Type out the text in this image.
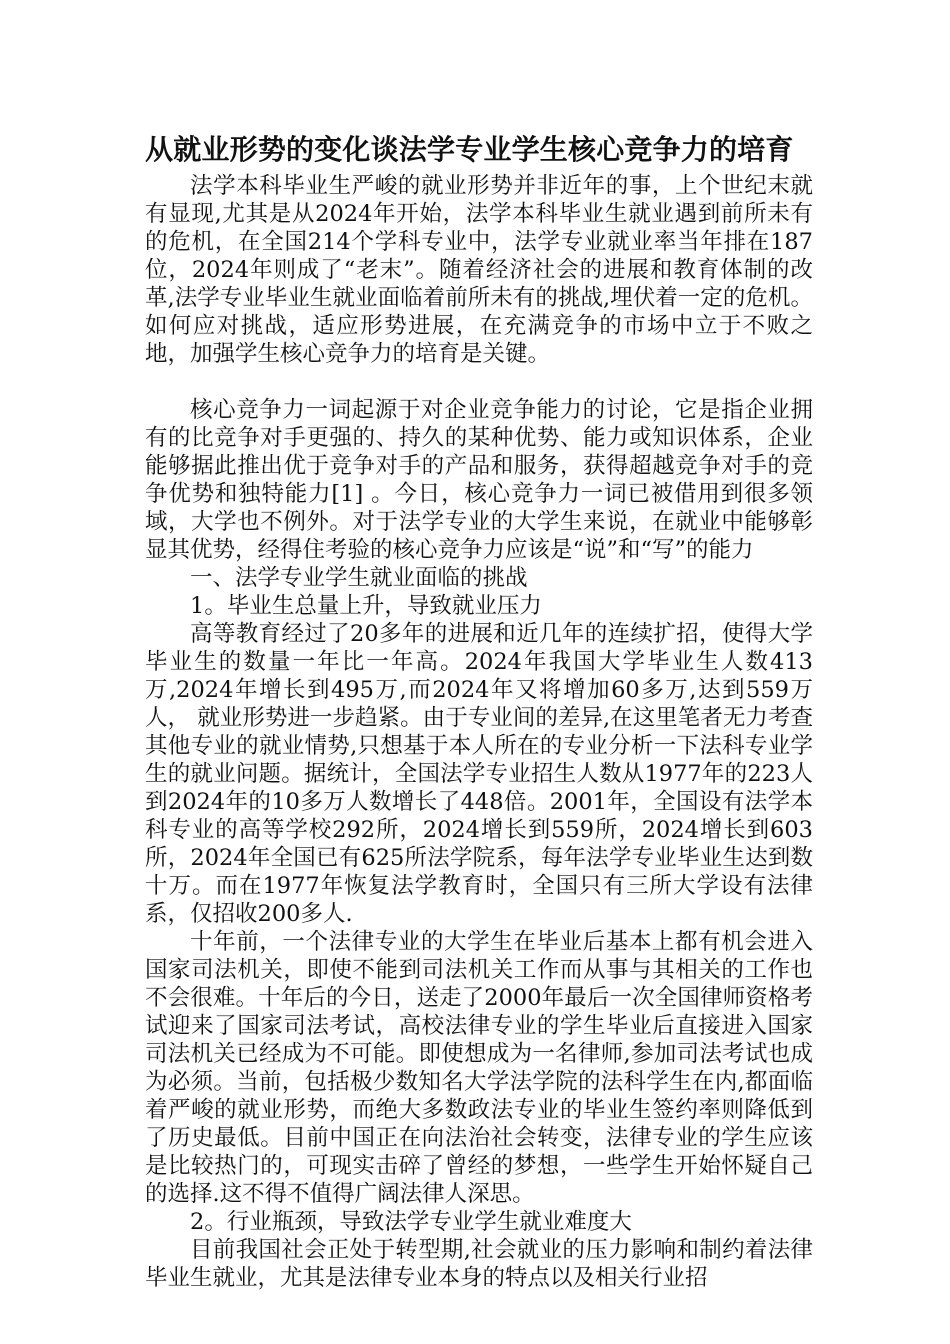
从就业形势的变化谈法学专业学生核心竞争力的培育

法学本科毕业生严峻的就业形势并非近年的事，上个世纪末就有显现,尤其是从2024年开始，法学本科毕业生就业遇到前所未有的危机，在全国214个学科专业中，法学专业就业率当年排在187位，2024年则成了“老末”。随着经济社会的进展和教育体制的改革,法学专业毕业生就业面临着前所未有的挑战,埋伏着一定的危机。如何应对挑战，适应形势进展，在充满竞争的市场中立于不败之地，加强学生核心竞争力的培育是关键。

核心竞争力一词起源于对企业竞争能力的讨论，它是指企业拥有的比竞争对手更强的、持久的某种优势、能力或知识体系，企业能够据此推出优于竞争对手的产品和服务，获得超越竞争对手的竞争优势和独特能力[1] 。今日，核心竞争力一词已被借用到很多领域，大学也不例外。对于法学专业的大学生来说，在就业中能够彰显其优势，经得住考验的核心竞争力应该是“说”和“写”的能力

一、法学专业学生就业面临的挑战

1。毕业生总量上升，导致就业压力

高等教育经过了20多年的进展和近几年的连续扩招，使得大学毕业生的数量一年比一年高。2024年我国大学毕业生人数413万,2024年增长到495万,而2024年又将增加60多万,达到559万人， 就业形势进一步趋紧。由于专业间的差异,在这里笔者无力考查其他专业的就业情势,只想基于本人所在的专业分析一下法科专业学生的就业问题。据统计，全国法学专业招生人数从1977年的223人到2024年的10多万人数增长了448倍。2001年，全国设有法学本科专业的高等学校292所，2024增长到559所，2024增长到603所，2024年全国已有625所法学院系，每年法学专业毕业生达到数十万。而在1977年恢复法学教育时，全国只有三所大学设有法律系，仅招收200多人.

十年前，一个法律专业的大学生在毕业后基本上都有机会进入国家司法机关，即使不能到司法机关工作而从事与其相关的工作也不会很难。十年后的今日，送走了2000年最后一次全国律师资格考试迎来了国家司法考试，高校法律专业的学生毕业后直接进入国家司法机关已经成为不可能。即使想成为一名律师,参加司法考试也成为必须。当前，包括极少数知名大学法学院的法科学生在内,都面临着严峻的就业形势，而绝大多数政法专业的毕业生签约率则降低到了历史最低。目前中国正在向法治社会转变，法律专业的学生应该是比较热门的，可现实击碎了曾经的梦想，一些学生开始怀疑自己的选择.这不得不值得广阔法律人深思。

2。行业瓶颈，导致法学专业学生就业难度大

目前我国社会正处于转型期,社会就业的压力影响和制约着法律毕业生就业，尤其是法律专业本身的特点以及相关行业招
